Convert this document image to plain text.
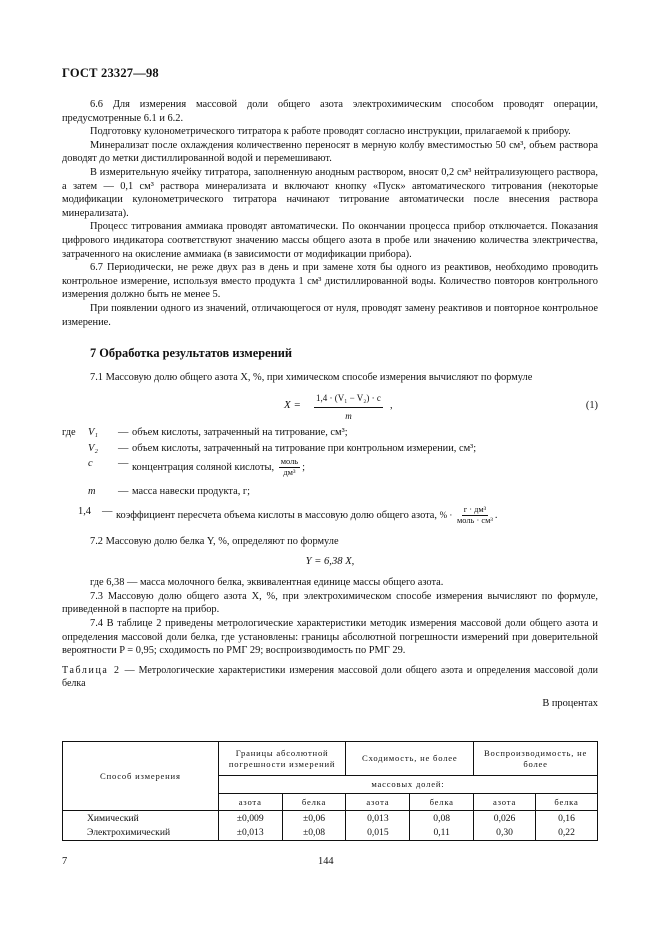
ГОСТ 23327—98

6.6 Для измерения массовой доли общего азота электрохимическим способом проводят операции, предусмотренные 6.1 и 6.2.

Подготовку кулонометрического титратора к работе проводят согласно инструкции, прилагаемой к прибору.

Минерализат после охлаждения количественно переносят в мерную колбу вместимостью 50 см³, объем раствора доводят до метки дистиллированной водой и перемешивают.

В измерительную ячейку титратора, заполненную анодным раствором, вносят 0,2 см³ нейтрализующего раствора, а затем — 0,1 см³ раствора минерализата и включают кнопку «Пуск» автоматического титрования (некоторые модификации кулонометрического титратора начинают титрование автоматически после внесения раствора минерализата).

Процесс титрования аммиака проводят автоматически. По окончании процесса прибор отключается. Показания цифрового индикатора соответствуют значению массы общего азота в пробе или значению количества электричества, затраченного на окисление аммиака (в зависимости от модификации прибора).

6.7 Периодически, не реже двух раз в день и при замене хотя бы одного из реактивов, необходимо проводить контрольное измерение, используя вместо продукта 1 см³ дистиллированной воды. Количество повторов контрольного измерения должно быть не менее 5.

При появлении одного из значений, отличающегося от нуля, проводят замену реактивов и повторное контрольное измерение.

7 Обработка результатов измерений

7.1 Массовую долю общего азота X, %, при химическом способе измерения вычисляют по формуле

$X = \frac{\text{1,4 · (V₁ − V₂) · c}}{m}$ ,	(1)
где	V₁	— объем кислоты, затраченный на титрование, см³;
V₂	— объем кислоты, затраченный на титрование при контрольном измерении, см³;
c	— концентрация соляной кислоты, $\frac{\text{моль}}{\text{дм³}}$ ;
m	— масса навески продукта, г;
1,4	— коэффициент пересчета объема кислоты в массовую долю общего азота, % · $\frac{\text{г · дм³}}{\text{моль · см³}}$ .

7.2 Массовую долю белка Y, %, определяют по формуле

Y = 6,38 X,

где 6,38 — масса молочного белка, эквивалентная единице массы общего азота.

7.3 Массовую долю общего азота X, %, при электрохимическом способе измерения вычисляют по формуле, приведенной в паспорте на прибор.

7.4 В таблице 2 приведены метрологические характеристики методик измерения массовой доли общего азота и определения массовой доли белка, где установлены: границы абсолютной погрешности измерений при доверительной вероятности P = 0,95; сходимость по РМГ 29; воспроизводимость по РМГ 29.

Таблица 2 — Метрологические характеристики измерения массовой доли общего азота и определения массовой доли белка

В процентах
Способ измерения	Границы абсолютной погрешности измерений		Сходимость, не более		Воспроизводимость, не более	
	массовых долей:					
	азота	белка	азота	белка	азота	белка
Химический	±0,009	±0,06	0,013	0,08	0,026	0,16
Электрохимический	±0,013	±0,08	0,015	0,11	0,30	0,22
7	144
